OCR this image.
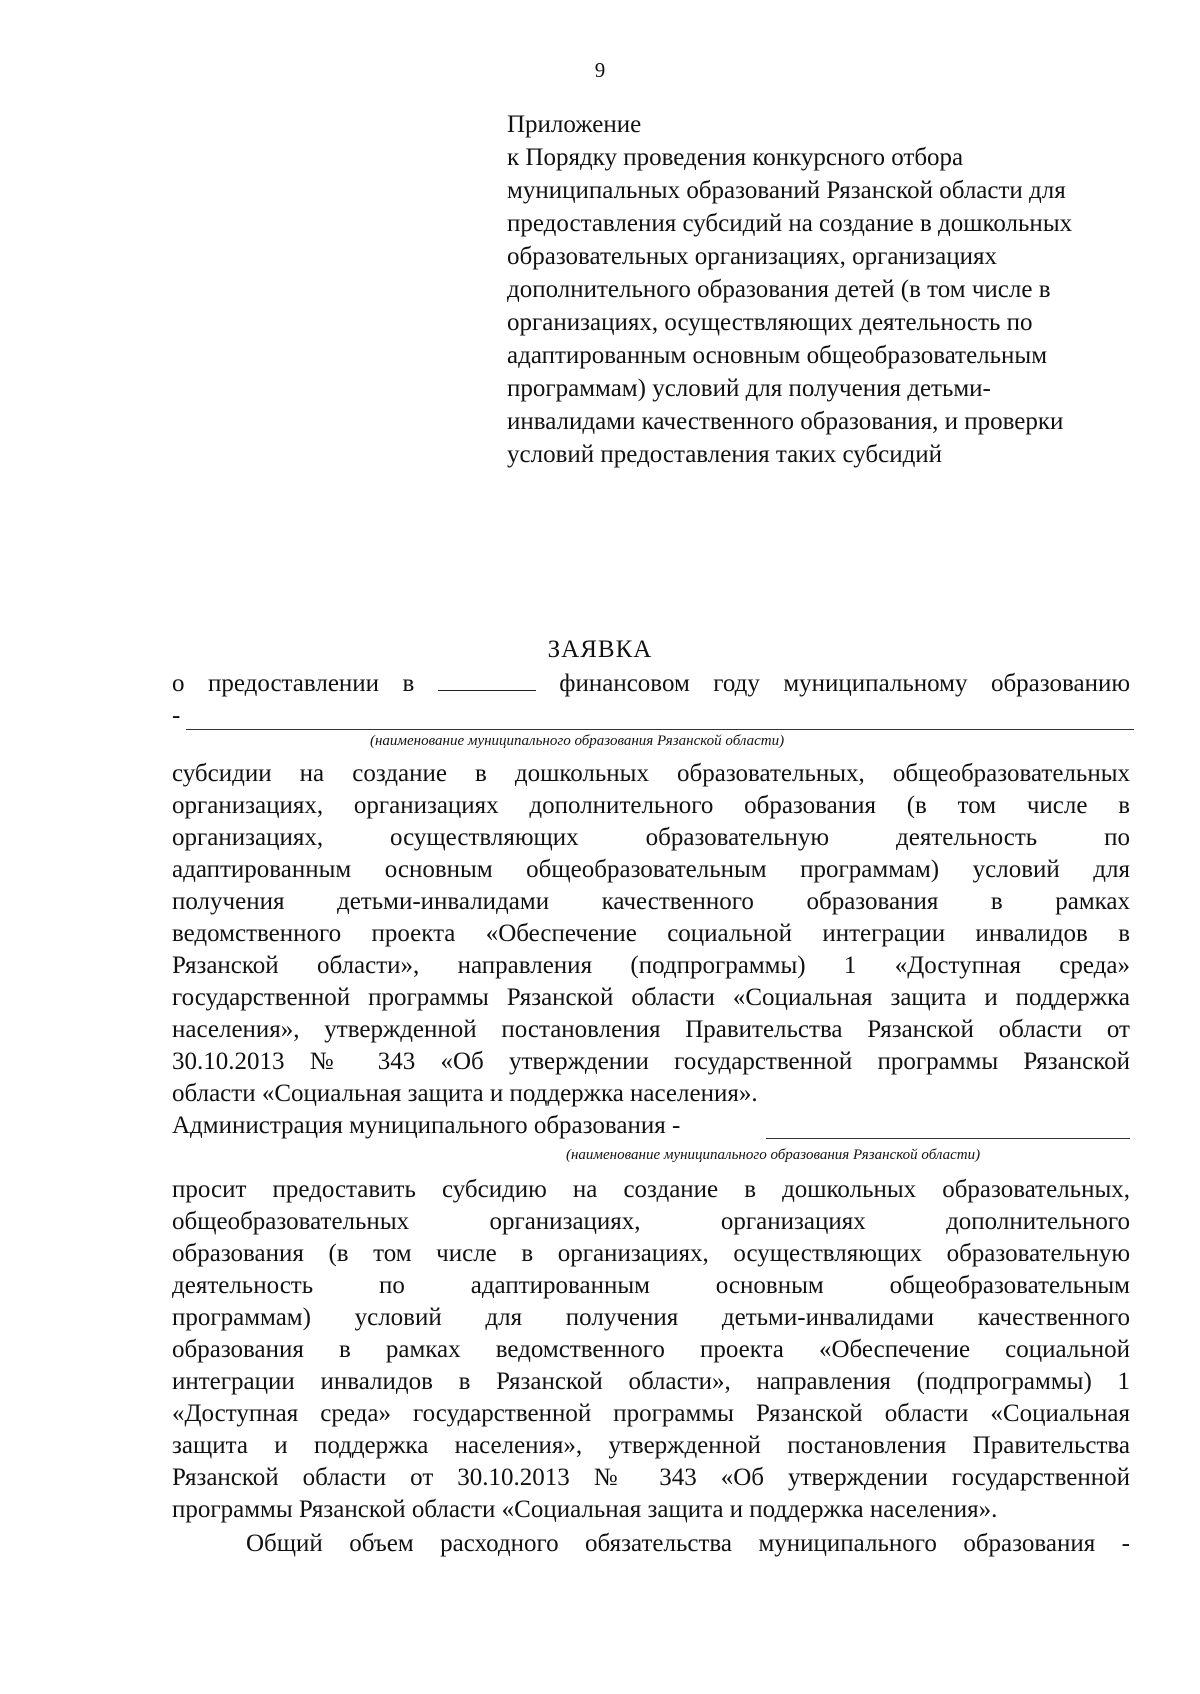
9
Приложение
к Порядку проведения конкурсного отбора
муниципальных образований Рязанской области для
предоставления субсидий на создание в дошкольных
образовательных организациях, организациях
дополнительного образования детей (в том числе в
организациях, осуществляющих деятельность по
адаптированным основным общеобразовательным
программам) условий для получения детьми-
инвалидами качественного образования, и проверки
условий предоставления таких субсидий
ЗАЯВКА
о предоставлении в	финансовом году муниципальному образованию
-
(наименование муниципального образования Рязанской области)
субсидии на создание в дошкольных образовательных, общеобразовательных
организациях, организациях дополнительного образования (в том числе в
организациях, осуществляющих образовательную деятельность по
адаптированным основным общеобразовательным программам) условий для
получения детьми-инвалидами качественного образования в рамках
ведомственного проекта «Обеспечение социальной интеграции инвалидов в
Рязанской области», направления (подпрограммы) 1 «Доступная среда»
государственной программы Рязанской области «Социальная защита и поддержка
населения», утвержденной постановления Правительства Рязанской области от
30.10.2013 № 343 «Об утверждении государственной программы Рязанской
области «Социальная защита и поддержка населения».
Администрация муниципального образования -
(наименование муниципального образования Рязанской области)
просит предоставить субсидию на создание в дошкольных образовательных,
общеобразовательных организациях, организациях дополнительного
образования (в том числе в организациях, осуществляющих образовательную
деятельность по адаптированным основным общеобразовательным
программам) условий для получения детьми-инвалидами качественного
образования в рамках ведомственного проекта «Обеспечение социальной
интеграции инвалидов в Рязанской области», направления (подпрограммы) 1
«Доступная среда» государственной программы Рязанской области «Социальная
защита и поддержка населения», утвержденной постановления Правительства
Рязанской области от 30.10.2013 № 343 «Об утверждении государственной
программы Рязанской области «Социальная защита и поддержка населения».
Общий объем расходного обязательства муниципального образования -
